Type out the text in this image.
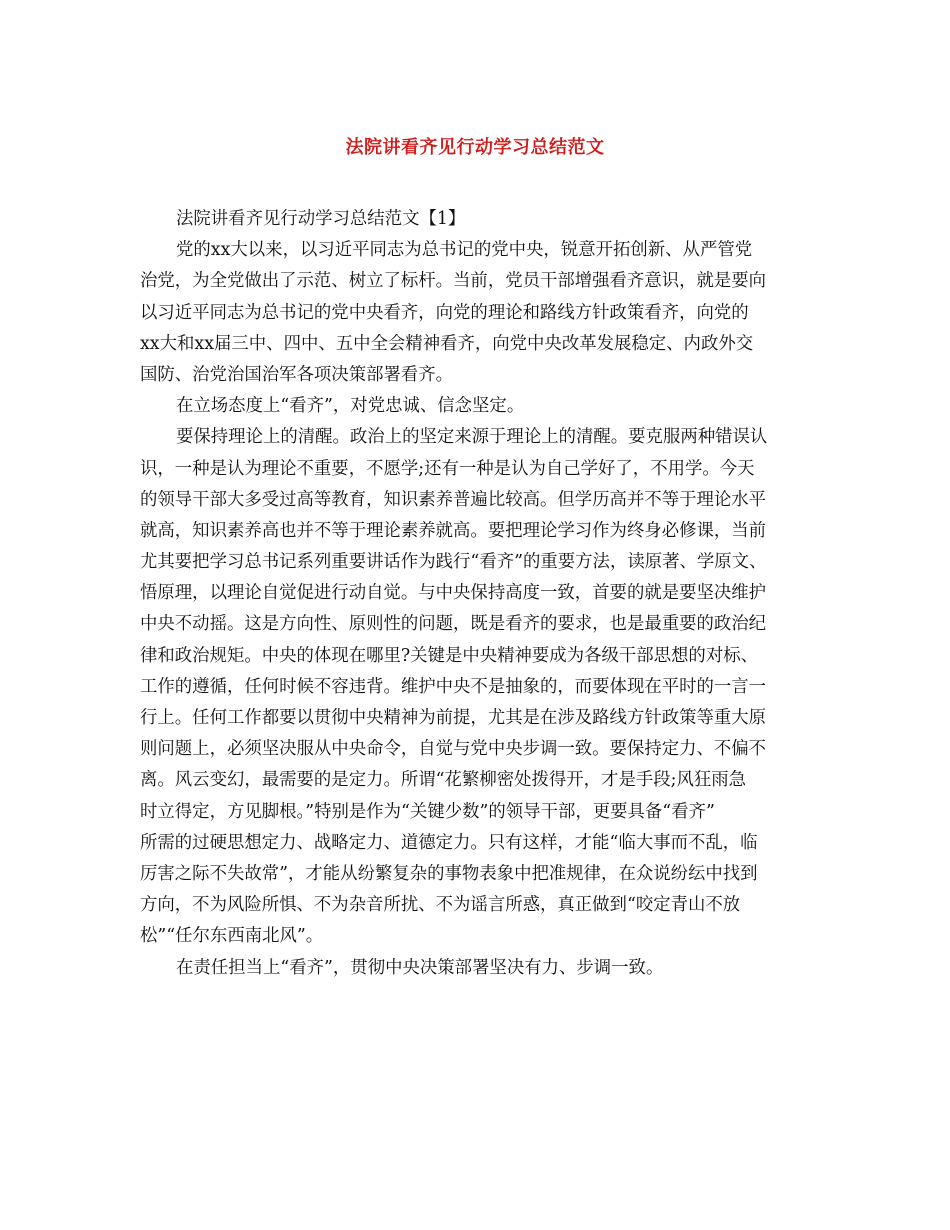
法院讲看齐见行动学习总结范文
法院讲看齐见行动学习总结范文【1】
党的xx大以来，以习近平同志为总书记的党中央，锐意开拓创新、从严管党
治党，为全党做出了示范、树立了标杆。当前，党员干部增强看齐意识，就是要向
以习近平同志为总书记的党中央看齐，向党的理论和路线方针政策看齐，向党的
xx大和xx届三中、四中、五中全会精神看齐，向党中央改革发展稳定、内政外交
国防、治党治国治军各项决策部署看齐。
在立场态度上“看齐”，对党忠诚、信念坚定。
要保持理论上的清醒。政治上的坚定来源于理论上的清醒。要克服两种错误认
识，一种是认为理论不重要，不愿学;还有一种是认为自己学好了，不用学。今天
的领导干部大多受过高等教育，知识素养普遍比较高。但学历高并不等于理论水平
就高，知识素养高也并不等于理论素养就高。要把理论学习作为终身必修课，当前
尤其要把学习总书记系列重要讲话作为践行“看齐”的重要方法，读原著、学原文、
悟原理，以理论自觉促进行动自觉。与中央保持高度一致，首要的就是要坚决维护
中央不动摇。这是方向性、原则性的问题，既是看齐的要求，也是最重要的政治纪
律和政治规矩。中央的体现在哪里?关键是中央精神要成为各级干部思想的对标、
工作的遵循，任何时候不容违背。维护中央不是抽象的，而要体现在平时的一言一
行上。任何工作都要以贯彻中央精神为前提，尤其是在涉及路线方针政策等重大原
则问题上，必须坚决服从中央命令，自觉与党中央步调一致。要保持定力、不偏不
离。风云变幻，最需要的是定力。所谓“花繁柳密处拨得开，才是手段;风狂雨急
时立得定，方见脚根。”特别是作为“关键少数”的领导干部，更要具备“看齐”
所需的过硬思想定力、战略定力、道德定力。只有这样，才能“临大事而不乱，临
厉害之际不失故常”，才能从纷繁复杂的事物表象中把准规律，在众说纷纭中找到
方向，不为风险所惧、不为杂音所扰、不为谣言所惑，真正做到“咬定青山不放
松”“任尔东西南北风”。
在责任担当上“看齐”，贯彻中央决策部署坚决有力、步调一致。
